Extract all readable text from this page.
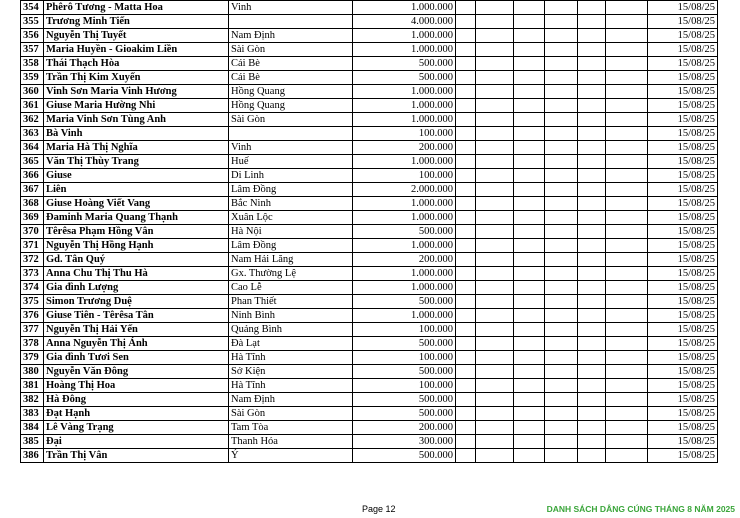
354	Phêrô Tương - Matta Hoa	Vinh	1.000.000							15/08/25
355	Trương Minh Tiến		4.000.000							15/08/25
356	Nguyễn Thị Tuyết	Nam Định	1.000.000							15/08/25
357	Maria Huyền - Gioakim Liền	Sài Gòn	1.000.000							15/08/25
358	Thái Thạch Hòa	Cái Bè	500.000							15/08/25
359	Trần Thị Kim Xuyến	Cái Bè	500.000							15/08/25
360	Vinh Sơn Maria Vinh Hương	Hồng Quang	1.000.000							15/08/25
361	Giuse Maria Hường Nhi	Hồng Quang	1.000.000							15/08/25
362	Maria Vinh Sơn Tùng Anh	Sài Gòn	1.000.000							15/08/25
363	Bà Vinh		100.000							15/08/25
364	Maria Hà Thị Nghĩa	Vinh	200.000							15/08/25
365	Văn Thị Thùy Trang	Huế	1.000.000							15/08/25
366	Giuse	Di Linh	100.000							15/08/25
367	Liên	Lâm Đồng	2.000.000							15/08/25
368	Giuse Hoàng Viết Vang	Bắc Ninh	1.000.000							15/08/25
369	Đaminh Maria Quang Thạnh	Xuân Lộc	1.000.000							15/08/25
370	Têrêsa Phạm Hồng Vân	Hà Nội	500.000							15/08/25
371	Nguyễn Thị Hồng Hạnh	Lâm Đồng	1.000.000							15/08/25
372	Gd. Tân Quý	Nam Hải Lăng	200.000							15/08/25
373	Anna Chu Thị Thu Hà	Gx. Thường Lệ	1.000.000							15/08/25
374	Gia đình Lượng	Cao Lễ	1.000.000							15/08/25
375	Simon Trương Duệ	Phan Thiết	500.000							15/08/25
376	Giuse Tiên - Têrêsa Tân	Ninh Bình	1.000.000							15/08/25
377	Nguyễn Thị Hải Yến	Quảng Bình	100.000							15/08/25
378	Anna Nguyễn Thị Ánh	Đà Lạt	500.000							15/08/25
379	Gia đình Tươi Sen	Hà Tĩnh	100.000							15/08/25
380	Nguyễn Văn Đông	Sở Kiện	500.000							15/08/25
381	Hoàng Thị Hoa	Hà Tĩnh	100.000							15/08/25
382	Hà Đông	Nam Định	500.000							15/08/25
383	Đạt Hạnh	Sài Gòn	500.000							15/08/25
384	Lê Vàng Trạng	Tam Tòa	200.000							15/08/25
385	Đại	Thanh Hóa	300.000							15/08/25
386	Trần Thị Vân	Ý	500.000							15/08/25
Page 12	DANH SÁCH DÂNG CÚNG THÁNG 8 NĂM 2025
